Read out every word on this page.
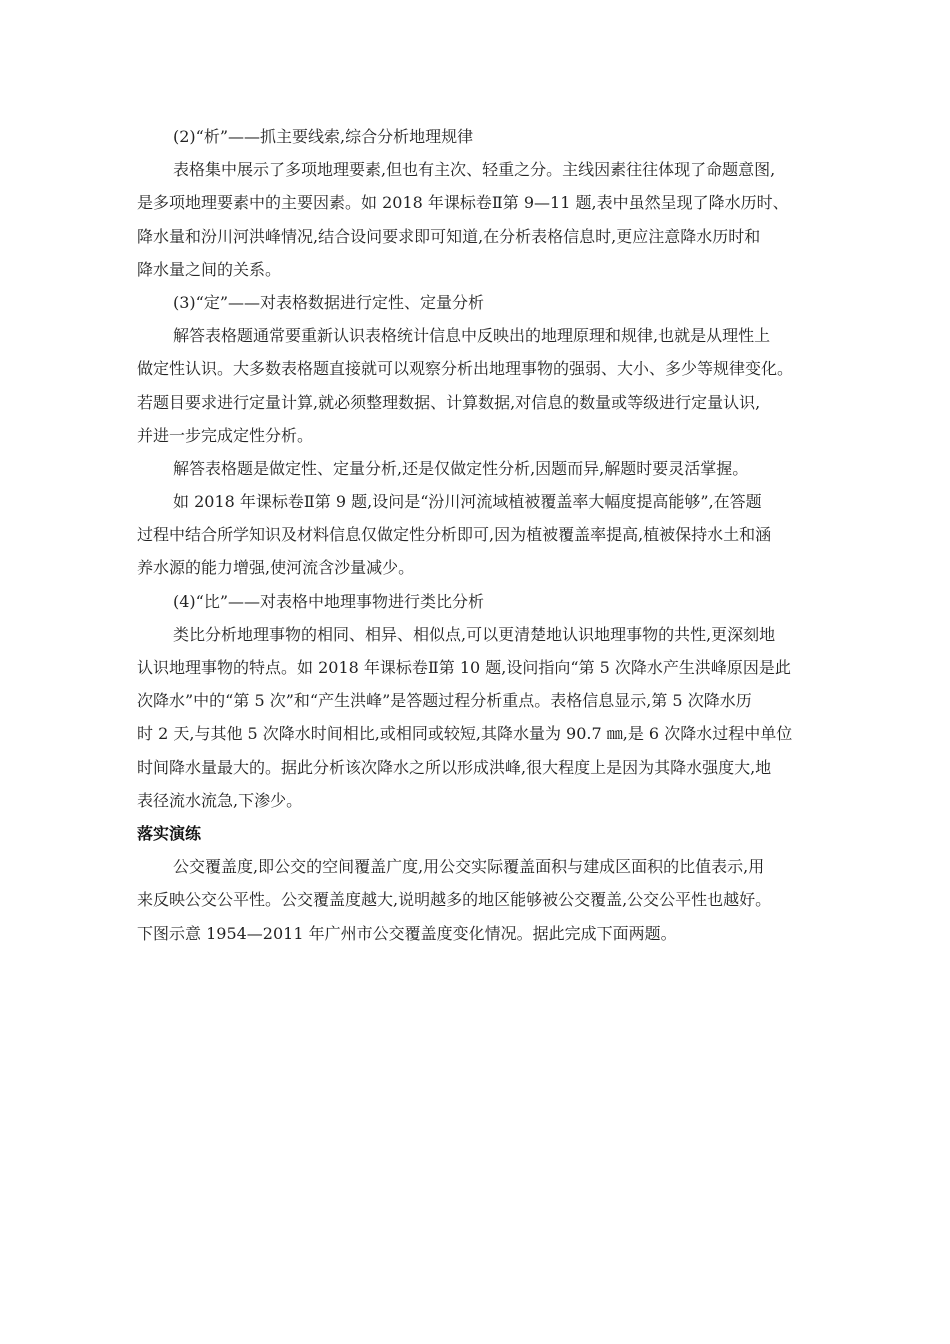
(2)“析”——抓主要线索,综合分析地理规律
表格集中展示了多项地理要素,但也有主次、轻重之分。主线因素往往体现了命题意图,
是多项地理要素中的主要因素。如 2018 年课标卷Ⅱ第 9—11 题,表中虽然呈现了降水历时、
降水量和汾川河洪峰情况,结合设问要求即可知道,在分析表格信息时,更应注意降水历时和
降水量之间的关系。
(3)“定”——对表格数据进行定性、定量分析
解答表格题通常要重新认识表格统计信息中反映出的地理原理和规律,也就是从理性上
做定性认识。大多数表格题直接就可以观察分析出地理事物的强弱、大小、多少等规律变化。
若题目要求进行定量计算,就必须整理数据、计算数据,对信息的数量或等级进行定量认识,
并进一步完成定性分析。
解答表格题是做定性、定量分析,还是仅做定性分析,因题而异,解题时要灵活掌握。
如 2018 年课标卷Ⅱ第 9 题,设问是“汾川河流域植被覆盖率大幅度提高能够”,在答题
过程中结合所学知识及材料信息仅做定性分析即可,因为植被覆盖率提高,植被保持水土和涵
养水源的能力增强,使河流含沙量减少。
(4)“比”——对表格中地理事物进行类比分析
类比分析地理事物的相同、相异、相似点,可以更清楚地认识地理事物的共性,更深刻地
认识地理事物的特点。如 2018 年课标卷Ⅱ第 10 题,设问指向“第 5 次降水产生洪峰原因是此
次降水”中的“第 5 次”和“产生洪峰”是答题过程分析重点。表格信息显示,第 5 次降水历
时 2 天,与其他 5 次降水时间相比,或相同或较短,其降水量为 90.7 ㎜,是 6 次降水过程中单位
时间降水量最大的。据此分析该次降水之所以形成洪峰,很大程度上是因为其降水强度大,地
表径流水流急,下渗少。
落实演练
公交覆盖度,即公交的空间覆盖广度,用公交实际覆盖面积与建成区面积的比值表示,用
来反映公交公平性。公交覆盖度越大,说明越多的地区能够被公交覆盖,公交公平性也越好。
下图示意 1954—2011 年广州市公交覆盖度变化情况。据此完成下面两题。
